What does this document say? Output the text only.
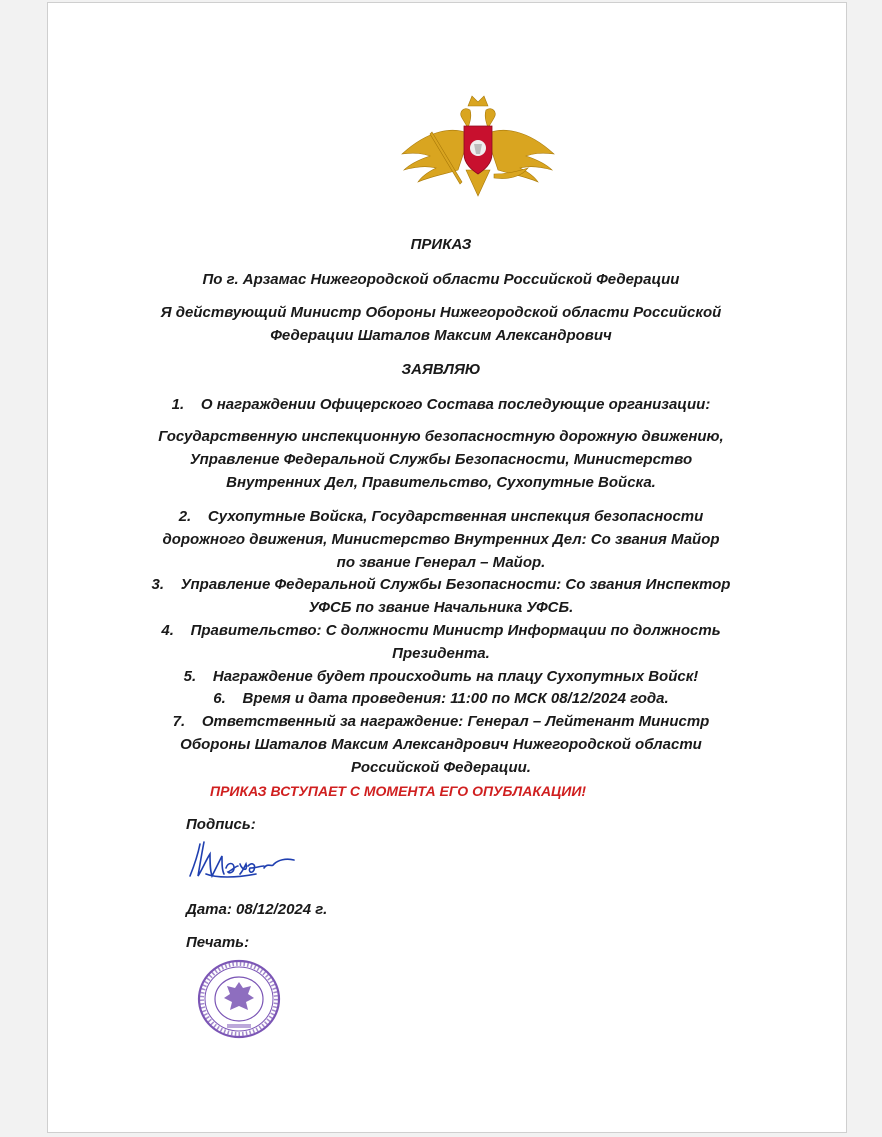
ПРИКАЗ
По г. Арзамас Нижегородской области Российской Федерации
Я действующий Министр Обороны Нижегородской области Российской
Федерации Шаталов Максим Александрович
ЗАЯВЛЯЮ
1. О награждении Офицерского Состава последующие организации:
Государственную инспекционную безопасностную дорожную движению,
Управление Федеральной Службы Безопасности, Министерство
Внутренних Дел, Правительство, Сухопутные Войска.
2. Сухопутные Войска, Государственная инспекция безопасности
дорожного движения, Министерство Внутренних Дел: Со звания Майор
по звание Генерал – Майор.
3. Управление Федеральной Службы Безопасности: Со звания Инспектор
УФСБ по звание Начальника УФСБ.
4. Правительство: С должности Министр Информации по должность
Президента.
5. Награждение будет происходить на плацу Сухопутных Войск!
6. Время и дата проведения: 11:00 по МСК 08/12/2024 года.
7. Ответственный за награждение: Генерал – Лейтенант Министр
Обороны Шаталов Максим Александрович Нижегородской области
Российской Федерации.
ПРИКАЗ ВСТУПАЕТ С МОМЕНТА ЕГО ОПУБЛАКАЦИИ!
Подпись:
Дата: 08/12/2024 г.
Печать:
